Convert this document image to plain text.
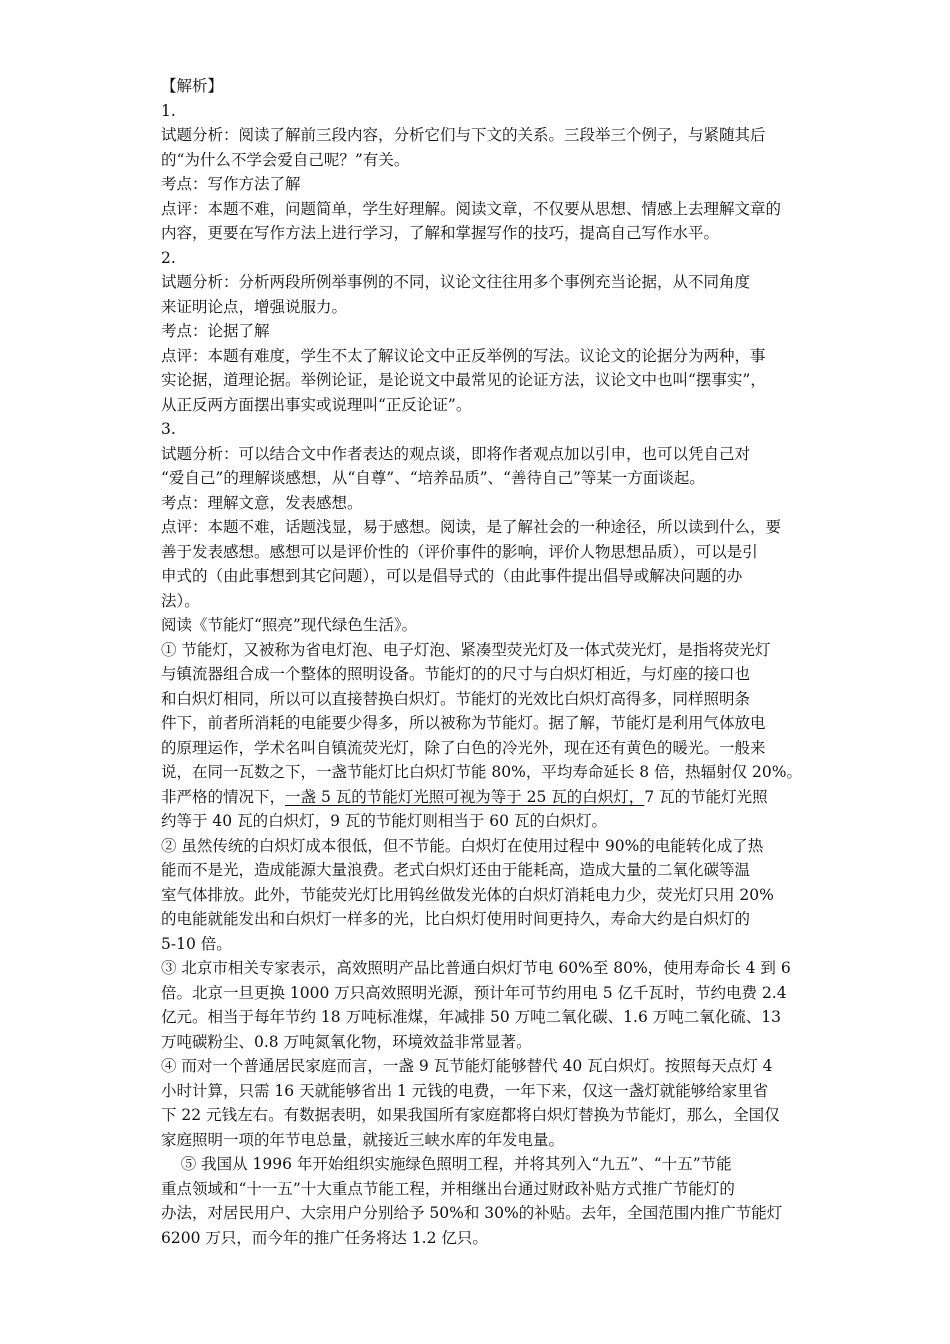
【解析】
1.
试题分析：阅读了解前三段内容，分析它们与下文的关系。三段举三个例子，与紧随其后
的“为什么不学会爱自己呢？”有关。
考点：写作方法了解
点评：本题不难，问题简单，学生好理解。阅读文章，不仅要从思想、情感上去理解文章的
内容，更要在写作方法上进行学习，了解和掌握写作的技巧，提高自己写作水平。
2.
试题分析：分析两段所例举事例的不同，议论文往往用多个事例充当论据，从不同角度
来证明论点，增强说服力。
考点：论据了解
点评：本题有难度，学生不太了解议论文中正反举例的写法。议论文的论据分为两种，事
实论据，道理论据。举例论证，是论说文中最常见的论证方法，议论文中也叫“摆事实”，
从正反两方面摆出事实或说理叫“正反论证”。
3.
试题分析：可以结合文中作者表达的观点谈，即将作者观点加以引申，也可以凭自己对
“爱自己”的理解谈感想，从“自尊”、“培养品质”、“善待自己”等某一方面谈起。
考点：理解文意，发表感想。
点评：本题不难，话题浅显，易于感想。阅读，是了解社会的一种途径，所以读到什么，要
善于发表感想。感想可以是评价性的（评价事件的影响，评价人物思想品质），可以是引
申式的（由此事想到其它问题），可以是倡导式的（由此事件提出倡导或解决问题的办
法）。
阅读《节能灯“照亮”现代绿色生活》。
① 节能灯，又被称为省电灯泡、电子灯泡、紧凑型荧光灯及一体式荧光灯，是指将荧光灯
与镇流器组合成一个整体的照明设备。节能灯的的尺寸与白炽灯相近，与灯座的接口也
和白炽灯相同，所以可以直接替换白炽灯。节能灯的光效比白炽灯高得多，同样照明条
件下，前者所消耗的电能要少得多，所以被称为节能灯。据了解，节能灯是利用气体放电
的原理运作，学术名叫自镇流荧光灯，除了白色的冷光外，现在还有黄色的暖光。一般来
说，在同一瓦数之下，一盏节能灯比白炽灯节能 80%，平均寿命延长 8 倍，热辐射仅 20%。
非严格的情况下，一盏 5 瓦的节能灯光照可视为等于 25 瓦的白炽灯，7 瓦的节能灯光照
约等于 40 瓦的白炽灯，9 瓦的节能灯则相当于 60 瓦的白炽灯。
② 虽然传统的白炽灯成本很低，但不节能。白炽灯在使用过程中 90%的电能转化成了热
能而不是光，造成能源大量浪费。老式白炽灯还由于能耗高，造成大量的二氧化碳等温
室气体排放。此外，节能荧光灯比用钨丝做发光体的白炽灯消耗电力少，荧光灯只用 20%
的电能就能发出和白炽灯一样多的光，比白炽灯使用时间更持久，寿命大约是白炽灯的
5-10 倍。
③ 北京市相关专家表示，高效照明产品比普通白炽灯节电 60%至 80%，使用寿命长 4 到 6
倍。北京一旦更换 1000 万只高效照明光源，预计年可节约用电 5 亿千瓦时，节约电费 2.4
亿元。相当于每年节约 18 万吨标准煤，年减排 50 万吨二氧化碳、1.6 万吨二氧化硫、13
万吨碳粉尘、0.8 万吨氮氧化物，环境效益非常显著。
④ 而对一个普通居民家庭而言，一盏 9 瓦节能灯能够替代 40 瓦白炽灯。按照每天点灯 4
小时计算，只需 16 天就能够省出 1 元钱的电费，一年下来，仅这一盏灯就能够给家里省
下 22 元钱左右。有数据表明，如果我国所有家庭都将白炽灯替换为节能灯，那么，全国仅
家庭照明一项的年节电总量，就接近三峡水库的年发电量。
⑤ 我国从 1996 年开始组织实施绿色照明工程，并将其列入“九五”、“十五”节能
重点领域和“十一五”十大重点节能工程，并相继出台通过财政补贴方式推广节能灯的
办法，对居民用户、大宗用户分别给予 50%和 30%的补贴。去年，全国范围内推广节能灯
6200 万只，而今年的推广任务将达 1.2 亿只。
